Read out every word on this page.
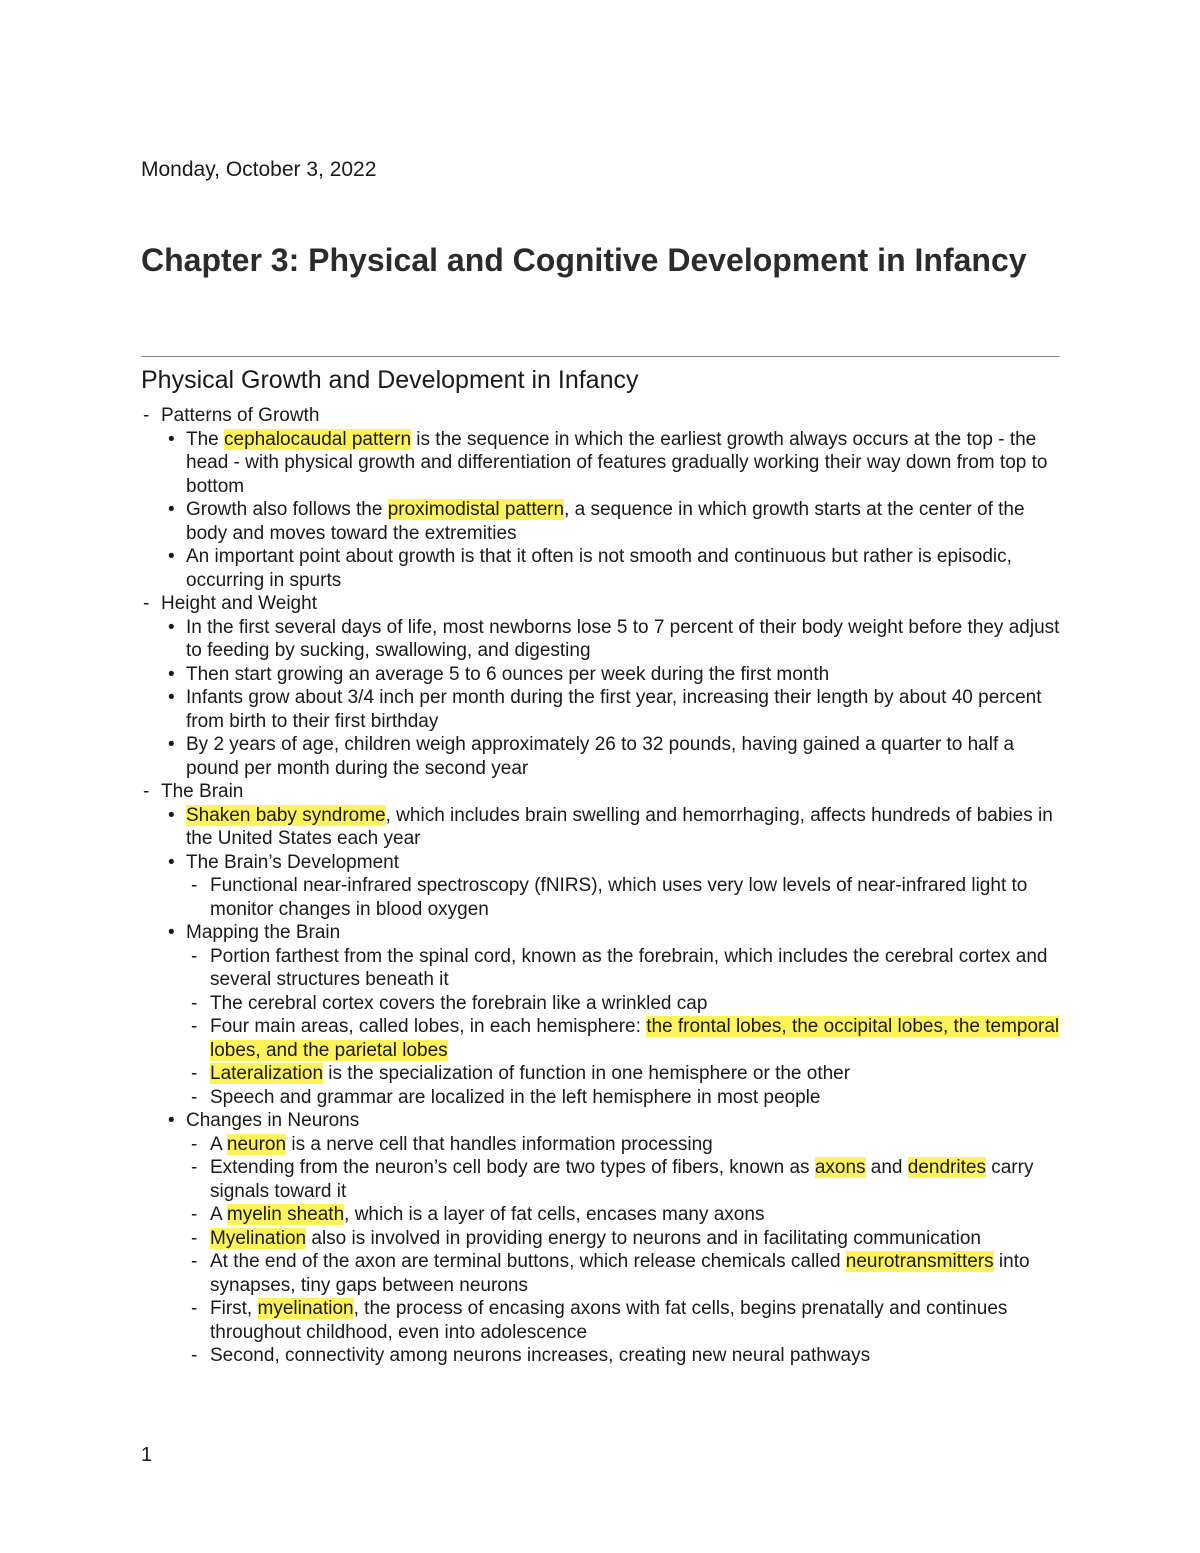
Monday, October 3, 2022
Chapter 3: Physical and Cognitive Development in Infancy
Physical Growth and Development in Infancy
- Patterns of Growth
• The cephalocaudal pattern is the sequence in which the earliest growth always occurs at the top - the head - with physical growth and differentiation of features gradually working their way down from top to bottom
• Growth also follows the proximodistal pattern, a sequence in which growth starts at the center of the body and moves toward the extremities
• An important point about growth is that it often is not smooth and continuous but rather is episodic, occurring in spurts
- Height and Weight
• In the first several days of life, most newborns lose 5 to 7 percent of their body weight before they adjust to feeding by sucking, swallowing, and digesting
• Then start growing an average 5 to 6 ounces per week during the first month
• Infants grow about 3/4 inch per month during the first year, increasing their length by about 40 percent from birth to their first birthday
• By 2 years of age, children weigh approximately 26 to 32 pounds, having gained a quarter to half a pound per month during the second year
- The Brain
• Shaken baby syndrome, which includes brain swelling and hemorrhaging, affects hundreds of babies in the United States each year
• The Brain’s Development
- Functional near-infrared spectroscopy (fNIRS), which uses very low levels of near-infrared light to monitor changes in blood oxygen
• Mapping the Brain
- Portion farthest from the spinal cord, known as the forebrain, which includes the cerebral cortex and several structures beneath it
- The cerebral cortex covers the forebrain like a wrinkled cap
- Four main areas, called lobes, in each hemisphere: the frontal lobes, the occipital lobes, the temporal lobes, and the parietal lobes
- Lateralization is the specialization of function in one hemisphere or the other
- Speech and grammar are localized in the left hemisphere in most people
• Changes in Neurons
- A neuron is a nerve cell that handles information processing
- Extending from the neuron’s cell body are two types of fibers, known as axons and dendrites carry signals toward it
- A myelin sheath, which is a layer of fat cells, encases many axons
- Myelination also is involved in providing energy to neurons and in facilitating communication
- At the end of the axon are terminal buttons, which release chemicals called neurotransmitters into synapses, tiny gaps between neurons
- First, myelination, the process of encasing axons with fat cells, begins prenatally and continues throughout childhood, even into adolescence
- Second, connectivity among neurons increases, creating new neural pathways
1
